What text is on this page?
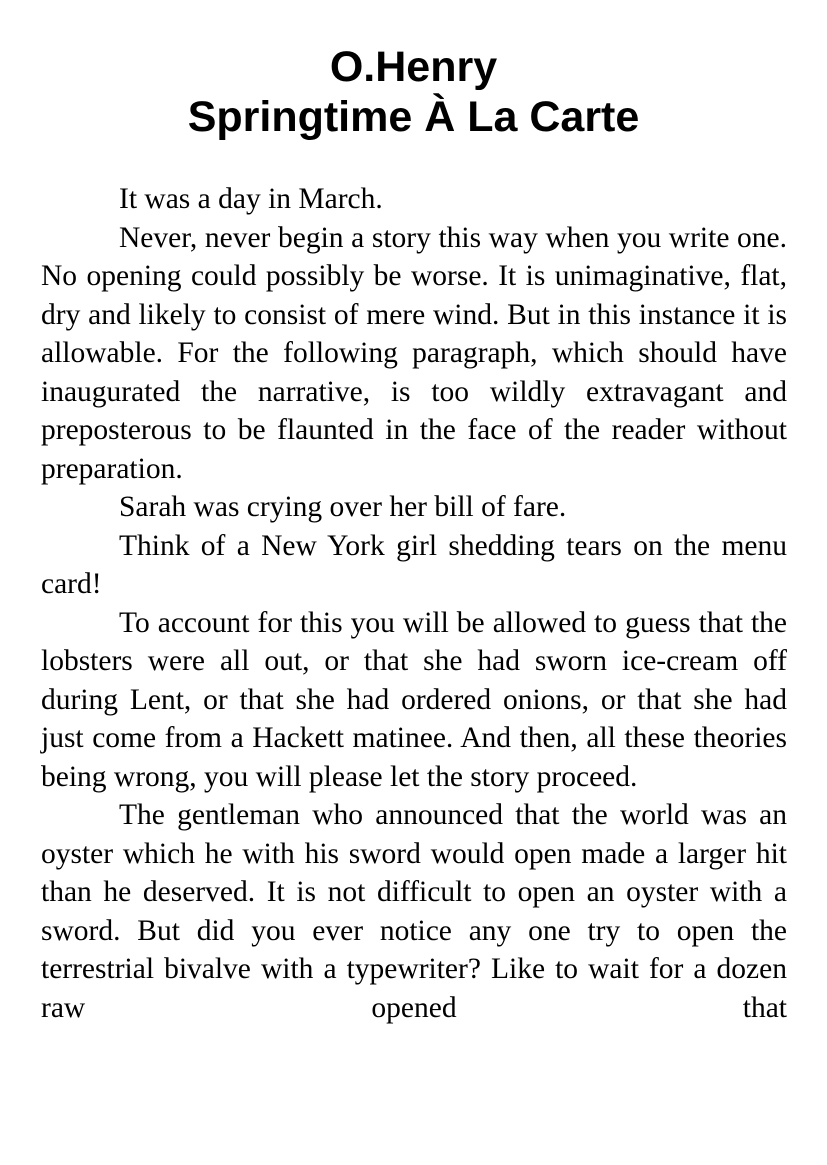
O.Henry
Springtime À La Carte

It was a day in March.

Never, never begin a story this way when you write one. No opening could possibly be worse. It is unimaginative, flat, dry and likely to consist of mere wind. But in this instance it is allowable. For the following paragraph, which should have inaugurated the narrative, is too wildly extravagant and preposterous to be flaunted in the face of the reader without preparation.

Sarah was crying over her bill of fare.

Think of a New York girl shedding tears on the menu card!

To account for this you will be allowed to guess that the lobsters were all out, or that she had sworn ice-cream off during Lent, or that she had ordered onions, or that she had just come from a Hackett matinee. And then, all these theories being wrong, you will please let the story proceed.

The gentleman who announced that the world was an oyster which he with his sword would open made a larger hit than he deserved. It is not difficult to open an oyster with a sword. But did you ever notice any one try to open the terrestrial bivalve with a typewriter? Like to wait for a dozen raw opened that
